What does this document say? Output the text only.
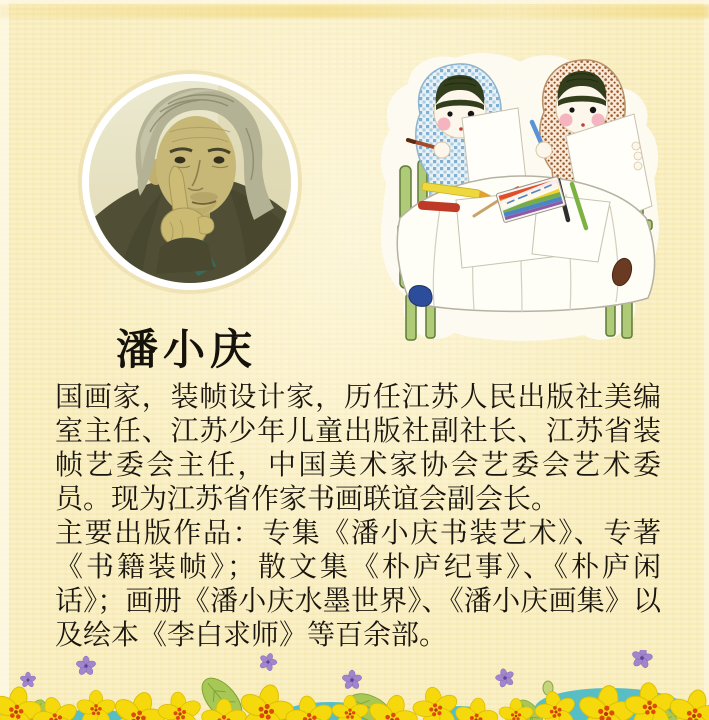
潘小庆

国画家，装帧设计家，历任江苏人民出版社美编室主任、江苏少年儿童出版社副社长、江苏省装帧艺委会主任，中国美术家协会艺委会艺术委员。现为江苏省作家书画联谊会副会长。

主要出版作品：专集《潘小庆书装艺术》、专著《书籍装帧》；散文集《朴庐纪事》、《朴庐闲话》；画册《潘小庆水墨世界》、《潘小庆画集》以及绘本《李白求师》等百余部。
